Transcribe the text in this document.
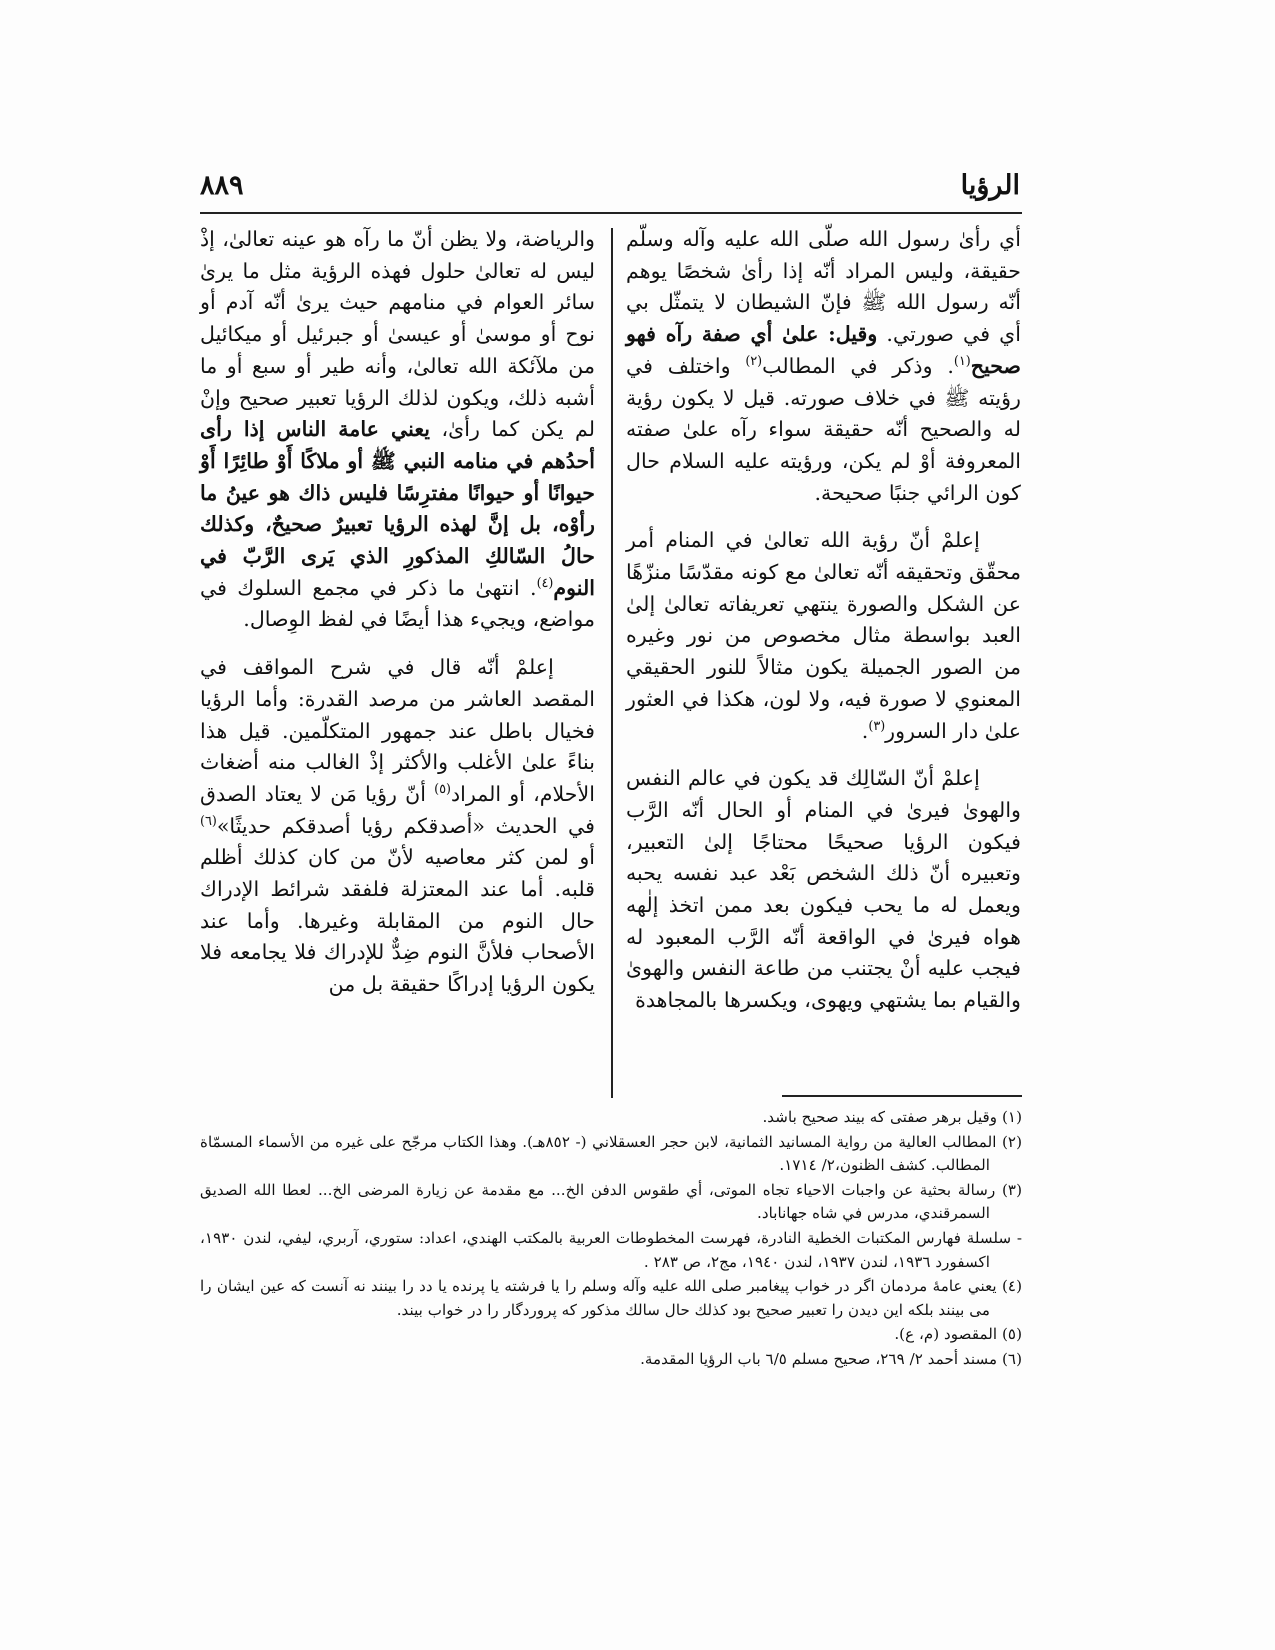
الرؤيا
٨٨٩

أي رأىٰ رسول الله صلّى الله عليه وآله وسلّم حقيقة، وليس المراد أنّه إذا رأىٰ شخصًا يوهم أنّه رسول الله ﷺ فإنّ الشيطان لا يتمثّل بي أي في صورتي. وقيل: علىٰ أي صفة رآه فهو صحيح$^{(١)}$. وذكر في المطالب$^{(٢)}$ واختلف في رؤيته ﷺ في خلاف صورته. قيل لا يكون رؤية له والصحيح أنّه حقيقة سواء رآه علىٰ صفته المعروفة أوْ لم يكن، ورؤيته عليه السلام حال كون الرائي جنبًا صحيحة.

إعلمْ أنّ رؤية الله تعالىٰ في المنام أمر محقّق وتحقيقه أنّه تعالىٰ مع كونه مقدّسًا منزّهًا عن الشكل والصورة ينتهي تعريفاته تعالىٰ إلىٰ العبد بواسطة مثال مخصوص من نور وغيره من الصور الجميلة يكون مثالاً للنور الحقيقي المعنوي لا صورة فيه، ولا لون، هكذا في العثور علىٰ دار السرور$^{(٣)}$.

إعلمْ أنّ السّالِك قد يكون في عالم النفس والهوىٰ فيرىٰ في المنام أو الحال أنّه الرَّب فيكون الرؤيا صحيحًا محتاجًا إلىٰ التعبير، وتعبيره أنّ ذلك الشخص بَعْد عبد نفسه يحبه ويعمل له ما يحب فيكون بعد ممن اتخذ إلٰهه هواه فيرىٰ في الواقعة أنّه الرَّب المعبود له فيجب عليه أنْ يجتنب من طاعة النفس والهوىٰ والقيام بما يشتهي ويهوى، ويكسرها بالمجاهدة

والرياضة، ولا يظن أنّ ما رآه هو عينه تعالىٰ، إذْ ليس له تعالىٰ حلول فهذه الرؤية مثل ما يرىٰ سائر العوام في منامهم حيث يرىٰ أنّه آدم أو نوح أو موسىٰ أو عيسىٰ أو جبرئيل أو ميكائيل من ملآئكة الله تعالىٰ، وأنه طير أو سبع أو ما أشبه ذلك، ويكون لذلك الرؤيا تعبير صحيح وإنْ لم يكن كما رأىٰ، يعني عامة الناس إذا رأى أحدُهم في منامه النبي ﷺ أو ملاكًا أَوْ طائِرًا أَوْ حيوانًا أو حيوانًا مفترِسًا فليس ذاك هو عينُ ما رأوْه، بل إنَّ لهذه الرؤيا تعبيرٌ صحيحٌ، وكذلك حالُ السّالكِ المذكورِ الذي يَرى الرَّبّ في النوم$^{(٤)}$. انتهىٰ ما ذكر في مجمع السلوك في مواضع، ويجيء هذا أيضًا في لفظ الوِصال.

إعلمْ أنّه قال في شرح المواقف في المقصد العاشر من مرصد القدرة: وأما الرؤيا فخيال باطل عند جمهور المتكلّمين. قيل هذا بناءً علىٰ الأغلب والأكثر إذْ الغالب منه أضغاث الأحلام، أو المراد$^{(٥)}$ أنّ رؤيا مَن لا يعتاد الصدق في الحديث «أصدقكم رؤيا أصدقكم حديثًا»$^{(٦)}$ أو لمن كثر معاصيه لأنّ من كان كذلك أظلم قلبه. أما عند المعتزلة فلفقد شرائط الإدراك حال النوم من المقابلة وغيرها. وأما عند الأصحاب فلأنَّ النوم ضِدٌّ للإدراك فلا يجامعه فلا يكون الرؤيا إدراكًا حقيقة بل من

(١) وقيل برهر صفتى كه بيند صحيح باشد.

(٢) المطالب العالية من رواية المسانيد الثمانية، لابن حجر العسقلاني (- ٨٥٢هـ). وهذا الكتاب مرجّح على غيره من الأسماء المسمّاة المطالب. كشف الظنون،٢/ ١٧١٤.

(٣) رسالة بحثية عن واجبات الاحياء تجاه الموتى، أي طقوس الدفن الخ... مع مقدمة عن زيارة المرضى الخ... لعطا الله الصديق السمرقندي، مدرس في شاه جهاناباد.

- سلسلة فهارس المكتبات الخطية النادرة، فهرست المخطوطات العربية بالمكتب الهندي، اعداد: ستوري، آربري، ليفي، لندن ١٩٣٠، اكسفورد ١٩٣٦، لندن ١٩٣٧، لندن ١٩٤٠، مج٢، ص ٢٨٣ .

(٤) يعني عامهٔ مردمان اگر در خواب پيغامبر صلى الله عليه وآله وسلم را يا فرشته يا پرنده يا دد را بينند نه آنست كه عين ايشان را مى بينند بلكه اين ديدن را تعبير صحيح بود كذلك حال سالك مذكور كه پروردگار را در خواب بيند.

(٥) المقصود (م، ع).

(٦) مسند أحمد ٢/ ٢٦٩، صحيح مسلم ٦/٥ باب الرؤيا المقدمة.
